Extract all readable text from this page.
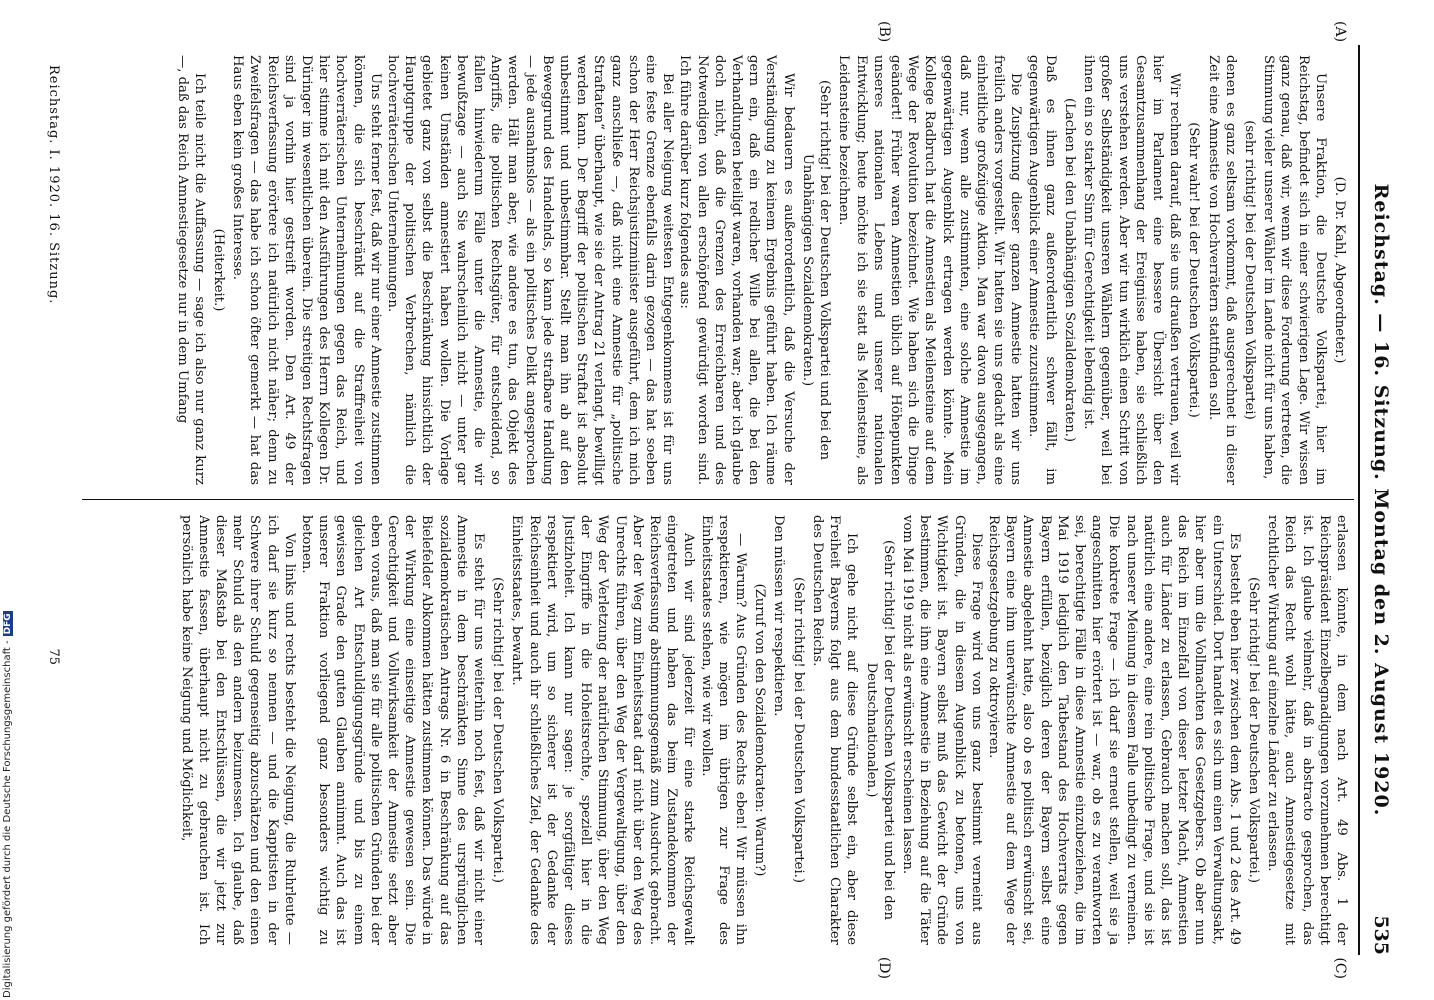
Reichstag. — 16. Sitzung. Montag den 2. August 1920.
535
(A)
(B)
(C)
(D)

(D. Dr. Kahl, Abgeordneter.)

Unsere Fraktion, die Deutsche Volkspartei, hier im Reichstag, befindet sich in einer schwierigen Lage. Wir wissen ganz genau, daß wir, wenn wir diese Forderung vertreten, die Stimmung vieler unserer Wähler im Lande nicht für uns haben,

(sehr richtig! bei der Deutschen Volkspartei)

denen es ganz seltsam vorkommt, daß ausgerechnet in dieser Zeit eine Amnestie von Hochverrätern stattfinden soll.

(Sehr wahr! bei der Deutschen Volkspartei.)

Wir rechnen darauf, daß sie uns draußen vertrauen, weil wir hier im Parlament eine bessere Übersicht über den Gesamtzusammenhang der Ereignisse haben, sie schließlich uns verstehen werden. Aber wir tun wirklich einen Schritt von großer Selbständigkeit unseren Wählern gegenüber, weil bei ihnen ein so starker Sinn für Gerechtigkeit lebendig ist.

(Lachen bei den Unabhängigen Sozialdemokraten.)

Daß es ihnen ganz außerordentlich schwer fällt, im gegenwärtigen Augenblick einer Amnestie zuzustimmen.

Die Zuspitzung dieser ganzen Amnestie hatten wir uns freilich anders vorgestellt. Wir hatten sie uns gedacht als eine einheitliche großzügige Aktion. Man war davon ausgegangen, daß nur, wenn alle zustimmten, eine solche Amnestie im gegenwärtigen Augenblick ertragen werden könnte. Mein Kollege Radbruch hat die Amnestien als Meilensteine auf dem Wege der Revolution bezeichnet. Wie haben sich die Dinge geändert! Früher waren Amnestien üblich auf Höhepunkten unseres nationalen Lebens und unserer nationalen Entwicklung; heute möchte ich sie statt als Meilensteine, als Leidensteine bezeichnen.

(Sehr richtig! bei der Deutschen Volkspartei und bei den Unabhängigen Sozialdemokraten.)

Wir bedauern es außerordentlich, daß die Versuche der Verständigung zu keinem Ergebnis geführt haben. Ich räume gern ein, daß ein redlicher Wille bei allen, die bei den Verhandlungen beteiligt waren, vorhanden war; aber ich glaube doch nicht, daß die Grenzen des Erreichbaren und des Notwendigen von allen erschöpfend gewürdigt worden sind. Ich führe darüber kurz folgendes aus:

Bei aller Neigung weitesten Entgegenkommens ist für uns eine feste Grenze ebenfalls darin gezogen — das hat soeben schon der Herr Reichsjustizminister ausgeführt, dem ich mich ganz anschließe —, daß nicht eine Amnestie für „politische Straftaten“ überhaupt, wie sie der Antrag 21 verlangt, bewilligt werden kann. Der Begriff der politischen Straftat ist absolut unbestimmt und unbestimmbar. Stellt man ihn ab auf den Beweggrund des Handelnds, so kann jede strafbare Handlung — jede ausnahmslos — als ein politisches Delikt angesprochen werden. Hält man aber, wie andere es tun, das Objekt des Angriffs, die politischen Rechtsgüter, für entscheidend, so fallen hinwiederum Fälle unter die Amnestie, die wir bewußtzage — auch Sie wahrscheinlich nicht — unter gar keinen Umständen amnestiert haben wollen. Die Vorlage gebietet ganz von selbst die Beschränkung hinsichtlich der Hauptgruppe der politischen Verbrechen, nämlich die hochverräterischen Unternehmungen.

Uns steht ferner fest, daß wir nur einer Amnestie zustimmen können, die sich beschränkt auf die Straffreiheit von hochverräterischen Unternehmungen gegen das Reich, und hier stimme ich mit den Ausführungen des Herrn Kollegen Dr. Düringer im wesentlichen überein. Die streitigen Rechtsfragen sind ja vorhin hier gestreift worden. Den Art. 49 der Reichsverfassung erörtere ich natürlich nicht näher; denn zu Zweifelsfragen — das habe ich schon öfter gemerkt — hat das Haus eben kein großes Interesse.

(Heiterkeit.)

Ich teile nicht die Auffassung — sage ich also nur ganz kurz —, daß das Reich Amnestiegesetze nur in dem Umfang

erlassen könnte, in dem nach Art. 49 Abs. 1 der Reichspräsident Einzelbegnadigungen vorzunehmen berechtigt ist. Ich glaube vielmehr, daß in abstracto gesprochen, das Reich das Recht wohl hätte, auch Amnestiegesetze mit rechtlicher Wirkung auf einzelne Länder zu erlassen.

(Sehr richtig! bei der Deutschen Volkspartei.)

Es besteht eben hier zwischen dem Abs. 1 und 2 des Art. 49 ein Unterschied. Dort handelt es sich um einen Verwaltungsakt, hier aber um die Vollmachten des Gesetzgebers. Ob aber nun das Reich im Einzelfall von dieser letzter Macht, Amnestien auch für Länder zu erlassen, Gebrauch machen soll, das ist natürlich eine andere, eine rein politische Frage, und sie ist nach unserer Meinung in diesem Falle unbedingt zu verneinen. Die konkrete Frage — ich darf sie erneut stellen, weil sie ja angeschnitten hier erörtert ist — war, ob es zu verantworten sei, berechtigte Fälle in diese Amnestie einzubeziehen, die im Mai 1919 lediglich den Tatbestand des Hochverrats gegen Bayern erfüllen, bezüglich deren der Bayern selbst eine Amnestie abgelehnt hatte, also ob es politisch erwünscht sei, Bayern eine ihm unerwünschte Amnestie auf dem Wege der Reichsgesetzgebung zu oktroyieren.

Diese Frage wird von uns ganz bestimmt verneint aus Gründen, die in diesem Augenblick zu betonen, uns von Wichtigkeit ist. Bayern selbst muß das Gewicht der Gründe bestimmen, die ihm eine Amnestie in Beziehung auf die Täter vom Mai 1919 nicht als erwünscht erscheinen lassen.

(Sehr richtig! bei der Deutschen Volkspartei und bei den Deutschnationalen.)

Ich gehe nicht auf diese Gründe selbst ein, aber diese Freiheit Bayerns folgt aus dem bundesstaatlichen Charakter des Deutschen Reichs.

(Sehr richtig! bei der Deutschen Volkspartei.)

Den müssen wir respektieren.

(Zuruf von den Sozialdemokraten: Warum?)

— Warum? Aus Gründen des Rechts eben! Wir müssen ihn respektieren, wie mögen im übrigen zur Frage des Einheitsstaates stehen, wie wir wollen.

Auch wir sind jederzeit für eine starke Reichsgewalt eingetreten und haben das beim Zustandekommen der Reichsverfassung abstimmungsgemäß zum Ausdruck gebracht. Aber der Weg zum Einheitsstaat darf nicht über den Weg des Unrechts führen, über den Weg der Vergewaltigung, über den Weg der Verletzung der natürlichen Stimmung, über den Weg der Eingriffe in die Hoheitsrechte, speziell hier in die Justizhoheit. Ich kann nur sagen: je sorgfältiger dieses respektiert wird, um so sicherer ist der Gedanke der Reichseinheit und auch ihr schließliches Ziel, der Gedanke des Einheitsstaates, bewahrt.

(Sehr richtig! bei der Deutschen Volkspartei.)

Es steht für uns weiterhin noch fest, daß wir nicht einer Amnestie in dem beschränkten Sinne des ursprünglichen sozialdemokratischen Antrags Nr. 6 in Beschränkung auf das Bielefelder Abkommen hätten zustimmen können. Das würde in der Wirkung eine einseitige Amnestie gewesen sein. Die Gerechtigkeit und Vollwirksamkeit der Amnestie setzt aber eben voraus, daß man sie für alle politischen Gründen bei der gleichen Art Entschuldigungsgründe und bis zu einem gewissen Grade den guten Glauben annimmt. Auch das ist unserer Fraktion vorliegend ganz besonders wichtig zu betonen.

Von links und rechts besteht die Neigung, die Ruhrleute — ich darf sie kurz so nennen — und die Kapptisten in der Schwere ihrer Schuld gegenseitig abzuschätzen und den einen mehr Schuld als den andern beizumessen. Ich glaube, daß dieser Maßstab bei den Entschlüssen, die wir jetzt zur Amnestie fassen, überhaupt nicht zu gebrauchen ist. Ich persönlich habe keine Neigung und Möglichkeit,

Reichstag. I. 1920. 16. Sitzung.
75
Digitalisierung gefördert durch die Deutsche Forschungsgemeinschaft -DFG
